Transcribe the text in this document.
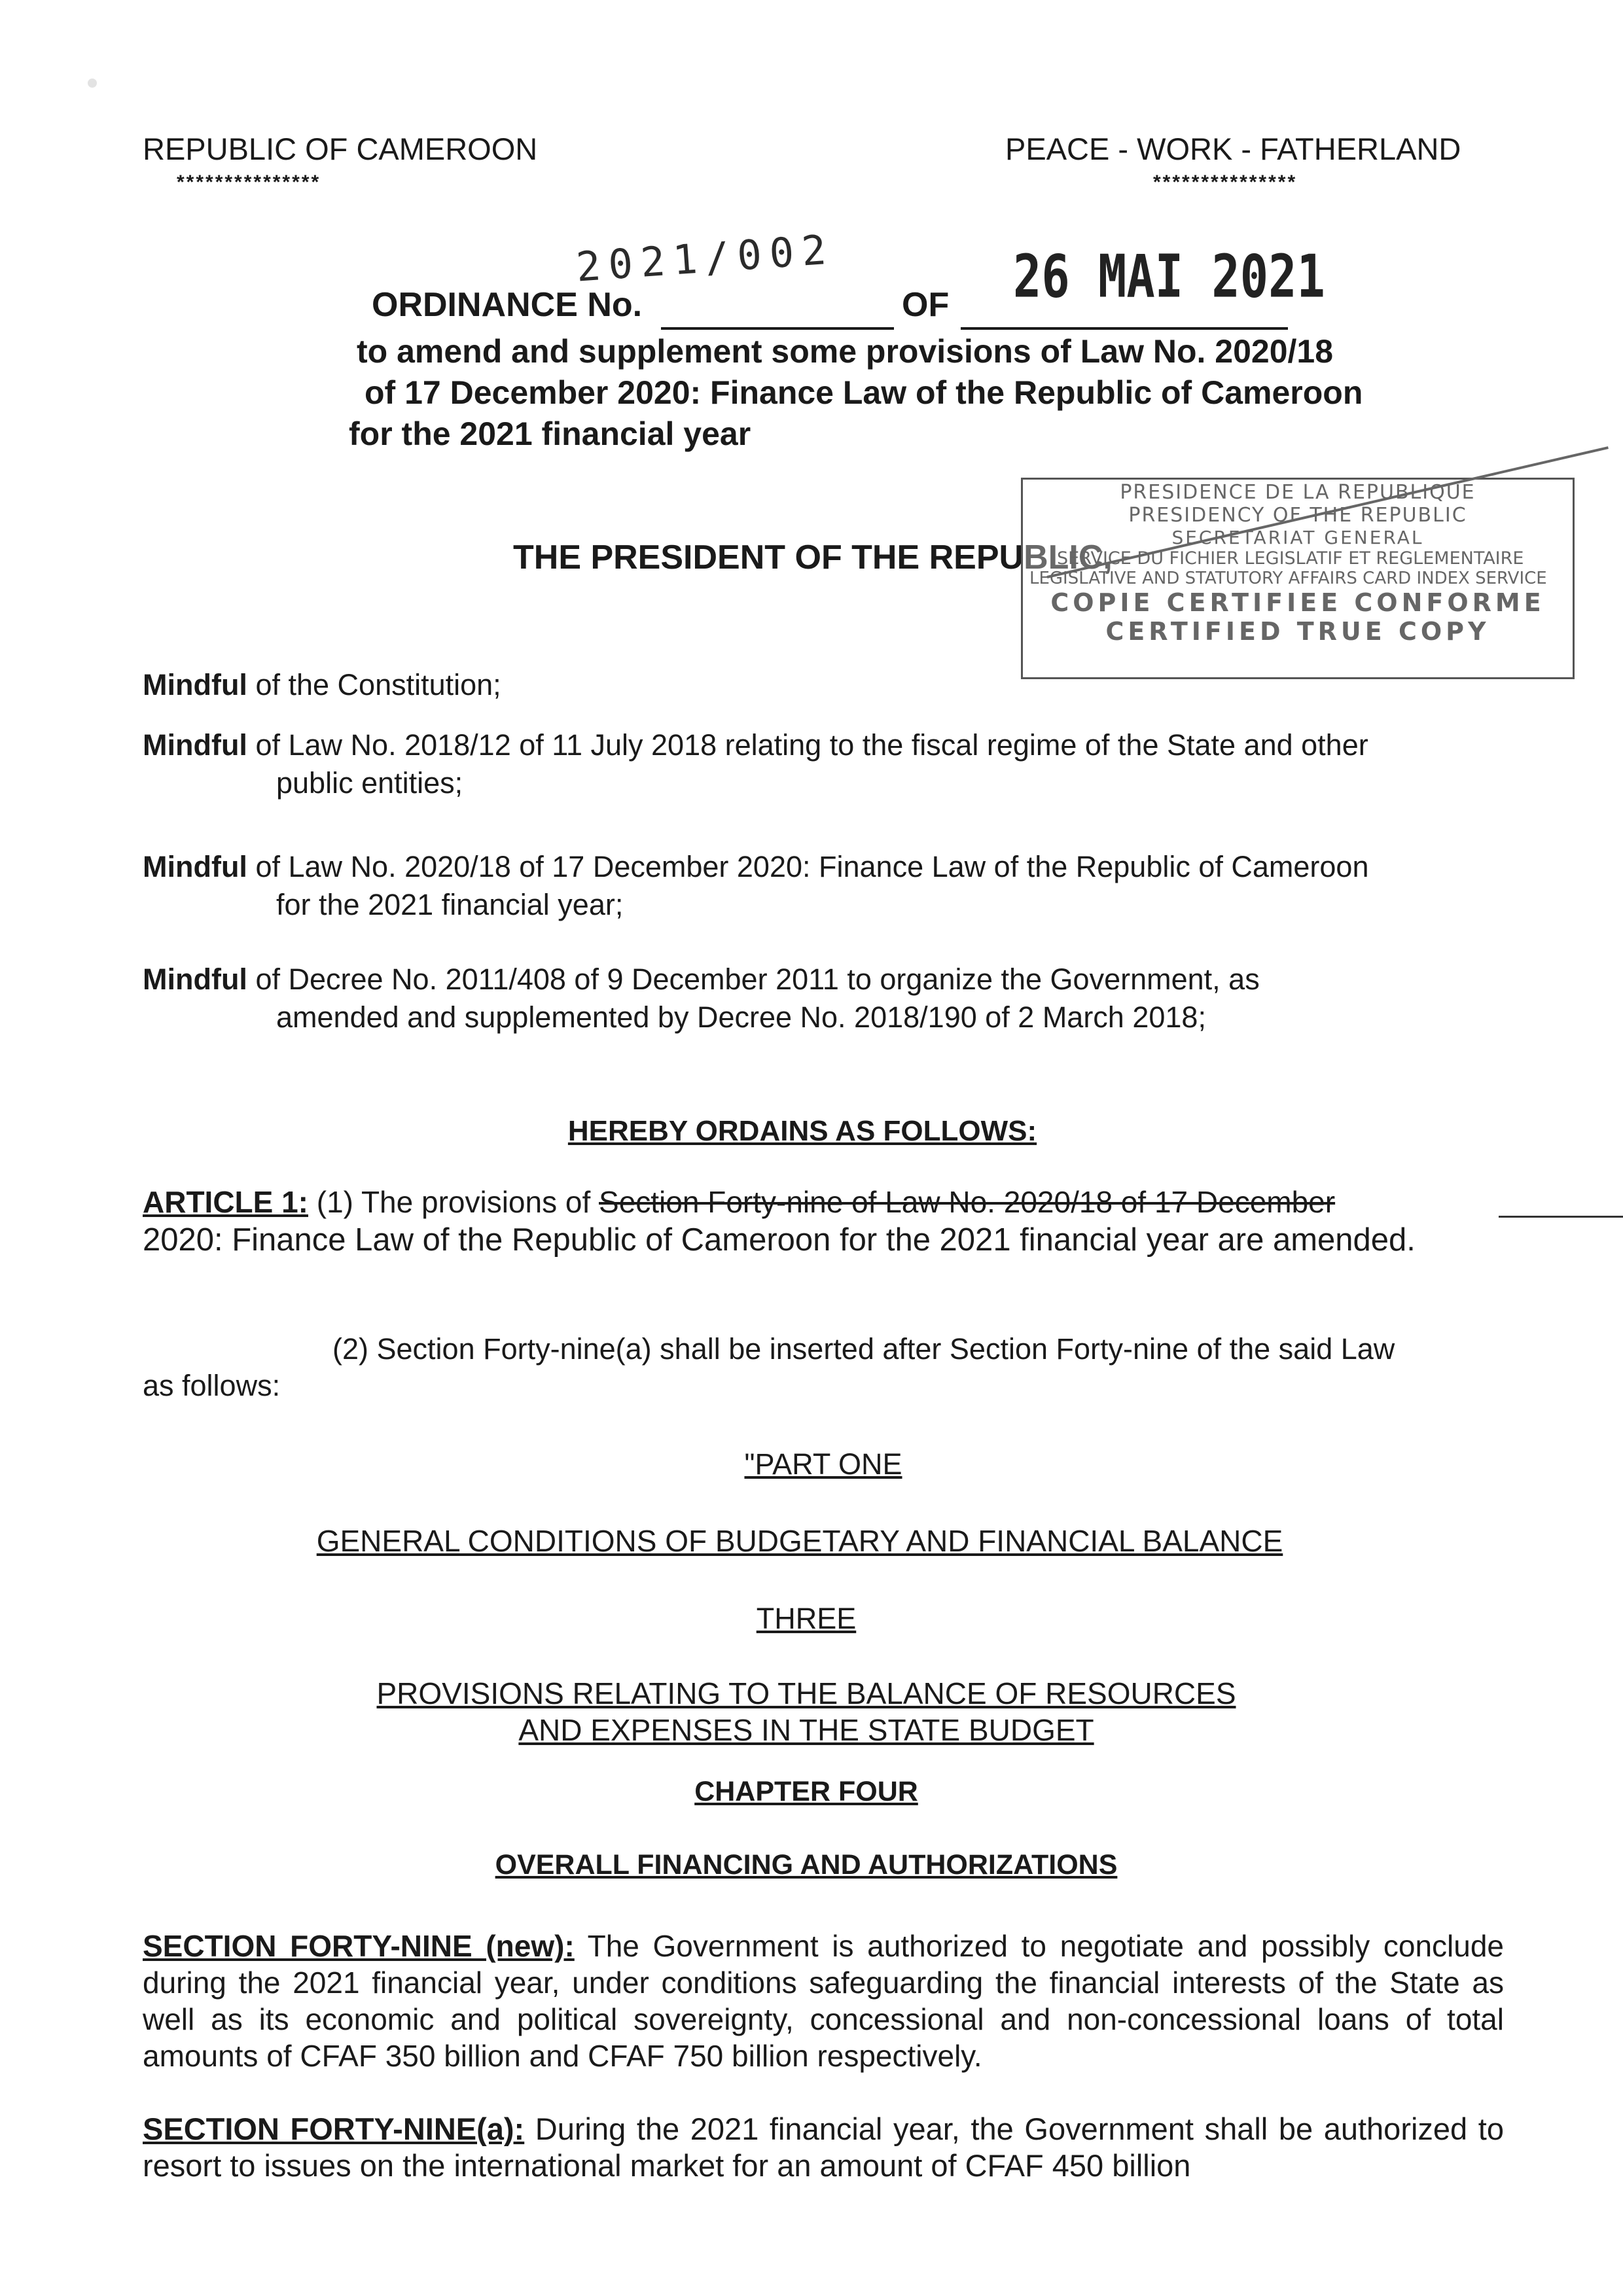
REPUBLIC OF CAMEROON	PEACE - WORK - FATHERLAND
***************	***************
2021/002	26 MAI 2021
ORDINANCE No.	OF
to amend and supplement some provisions of Law No. 2020/18
of 17 December 2020: Finance Law of the Republic of Cameroon
for the 2021 financial year
THE PRESIDENT OF THE REPUBLIC,
PRESIDENCE DE LA REPUBLIQUE
PRESIDENCY OF THE REPUBLIC
SECRETARIAT GENERAL
SERVICE DU FICHIER LEGISLATIF ET REGLEMENTAIRE
LEGISLATIVE AND STATUTORY AFFAIRS CARD INDEX SERVICE
COPIE CERTIFIEE CONFORME
CERTIFIED TRUE COPY
Mindful of the Constitution;
Mindful of Law No. 2018/12 of 11 July 2018 relating to the fiscal regime of the State and other
public entities;
Mindful of Law No. 2020/18 of 17 December 2020: Finance Law of the Republic of Cameroon
for the 2021 financial year;
Mindful of Decree No. 2011/408 of 9 December 2011 to organize the Government, as
amended and supplemented by Decree No. 2018/190 of 2 March 2018;
HEREBY ORDAINS AS FOLLOWS:
ARTICLE 1: (1) The provisions of Section Forty-nine of Law No. 2020/18 of 17 December
2020: Finance Law of the Republic of Cameroon for the 2021 financial year are amended.
(2) Section Forty-nine(a) shall be inserted after Section Forty-nine of the said Law
as follows:
"PART ONE
GENERAL CONDITIONS OF BUDGETARY AND FINANCIAL BALANCE
THREE
PROVISIONS RELATING TO THE BALANCE OF RESOURCES
AND EXPENSES IN THE STATE BUDGET
CHAPTER FOUR
OVERALL FINANCING AND AUTHORIZATIONS
SECTION FORTY-NINE (new): The Government is authorized to negotiate and possibly conclude during the 2021 financial year, under conditions safeguarding the financial interests of the State as well as its economic and political sovereignty, concessional and non-concessional loans of total amounts of CFAF 350 billion and CFAF 750 billion respectively.
SECTION FORTY-NINE(a): During the 2021 financial year, the Government shall be authorized to resort to issues on the international market for an amount of CFAF 450 billion
